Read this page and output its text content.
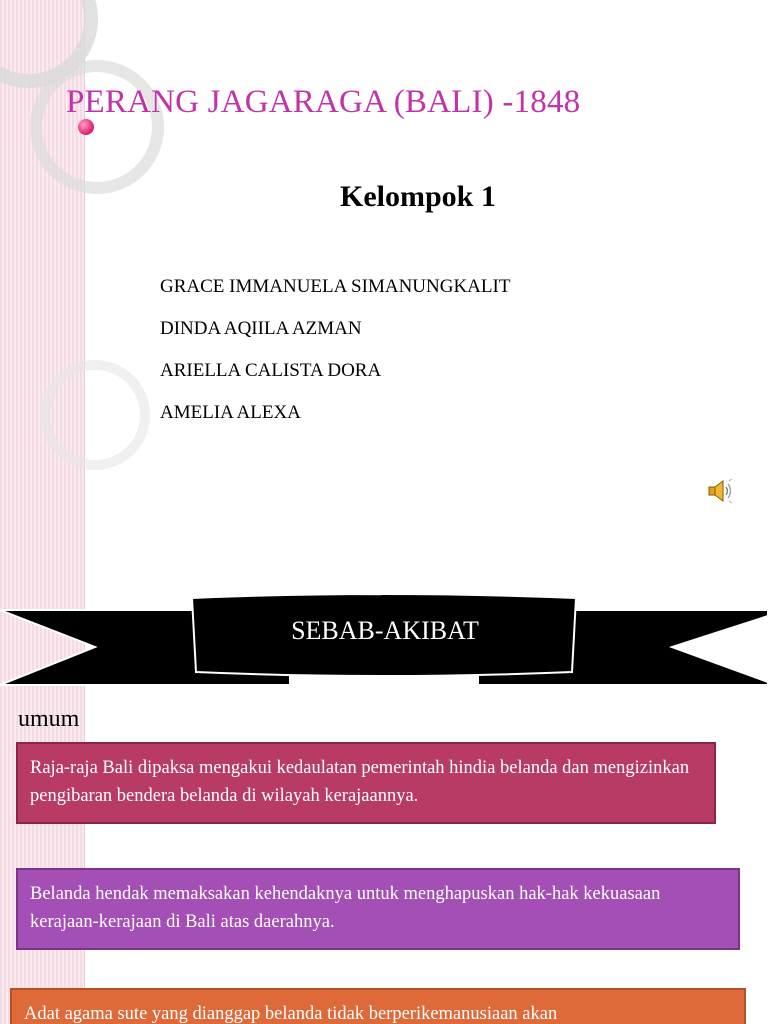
PERANG JAGARAGA (BALI) -1848
Kelompok 1
GRACE IMMANUELA SIMANUNGKALIT
DINDA AQIILA AZMAN
ARIELLA CALISTA DORA
AMELIA ALEXA
SEBAB-AKIBAT
umum
Raja-raja Bali dipaksa mengakui kedaulatan pemerintah hindia belanda dan mengizinkan pengibaran bendera belanda di wilayah kerajaannya.
Belanda hendak memaksakan kehendaknya untuk menghapuskan hak-hak kekuasaan kerajaan-kerajaan di Bali atas daerahnya.
Adat agama sute yang dianggap belanda tidak berperikemanusiaan akan
